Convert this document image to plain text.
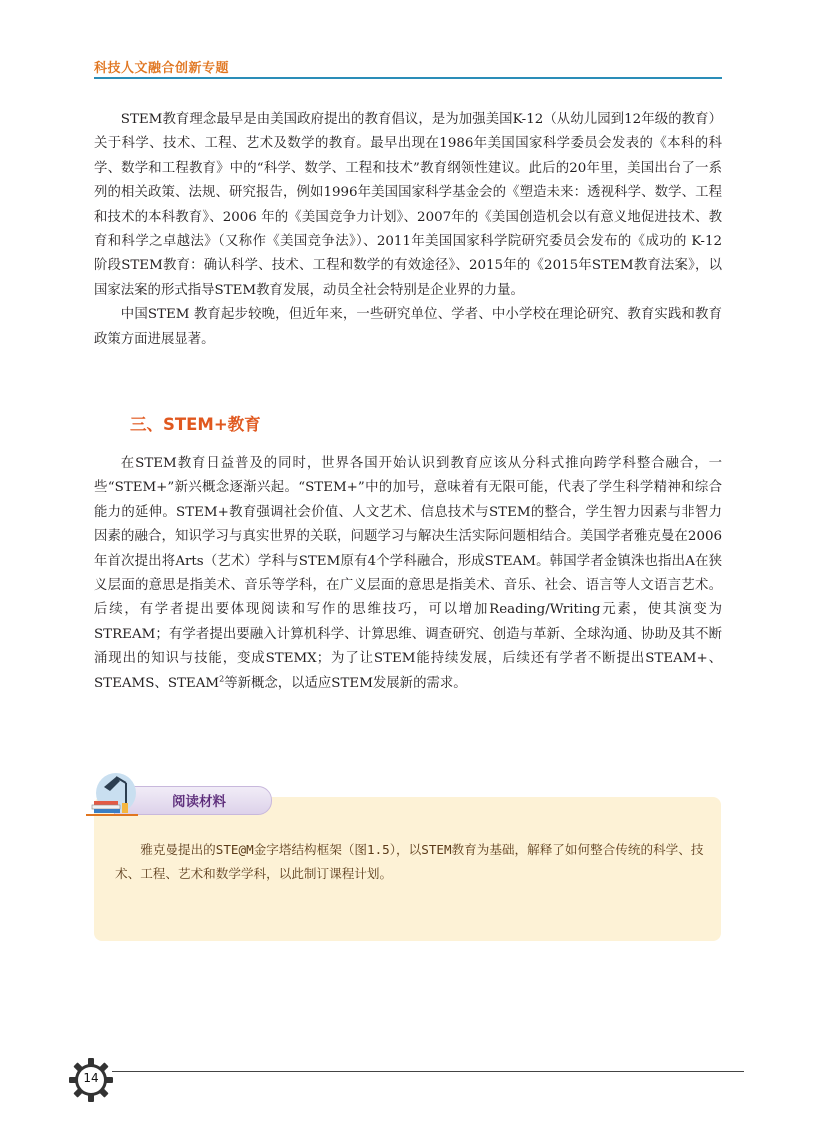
科技人文融合创新专题

STEM教育理念最早是由美国政府提出的教育倡议，是为加强美国K-12（从幼儿园到12年级的教育）关于科学、技术、工程、艺术及数学的教育。最早出现在1986年美国国家科学委员会发表的《本科的科学、数学和工程教育》中的“科学、数学、工程和技术”教育纲领性建议。此后的20年里，美国出台了一系列的相关政策、法规、研究报告，例如1996年美国国家科学基金会的《塑造未来：透视科学、数学、工程和技术的本科教育》、2006 年的《美国竞争力计划》、2007年的《美国创造机会以有意义地促进技术、教育和科学之卓越法》（又称作《美国竞争法》）、2011年美国国家科学院研究委员会发布的《成功的 K-12 阶段STEM教育：确认科学、技术、工程和数学的有效途径》、2015年的《2015年STEM教育法案》，以国家法案的形式指导STEM教育发展，动员全社会特别是企业界的力量。

中国STEM 教育起步较晚，但近年来，一些研究单位、学者、中小学校在理论研究、教育实践和教育政策方面进展显著。

三、STEM+教育

在STEM教育日益普及的同时，世界各国开始认识到教育应该从分科式推向跨学科整合融合，一些“STEM+”新兴概念逐渐兴起。“STEM+”中的加号，意味着有无限可能，代表了学生科学精神和综合能力的延伸。STEM+教育强调社会价值、人文艺术、信息技术与STEM的整合，学生智力因素与非智力因素的融合，知识学习与真实世界的关联，问题学习与解决生活实际问题相结合。美国学者雅克曼在2006年首次提出将Arts（艺术）学科与STEM原有4个学科融合，形成STEAM。韩国学者金镇洙也指出A在狭义层面的意思是指美术、音乐等学科，在广义层面的意思是指美术、音乐、社会、语言等人文语言艺术。后续，有学者提出要体现阅读和写作的思维技巧，可以增加Reading/Writing元素，使其演变为STREAM；有学者提出要融入计算机科学、计算思维、调查研究、创造与革新、全球沟通、协助及其不断涌现出的知识与技能，变成STEMX；为了让STEM能持续发展，后续还有学者不断提出STEAM+、STEAMS、STEAM$^2$等新概念，以适应STEM发展新的需求。

阅读材料

雅克曼提出的STE@M金字塔结构框架（图1.5），以STEM教育为基础，解释了如何整合传统的科学、技术、工程、艺术和数学学科，以此制订课程计划。

14
